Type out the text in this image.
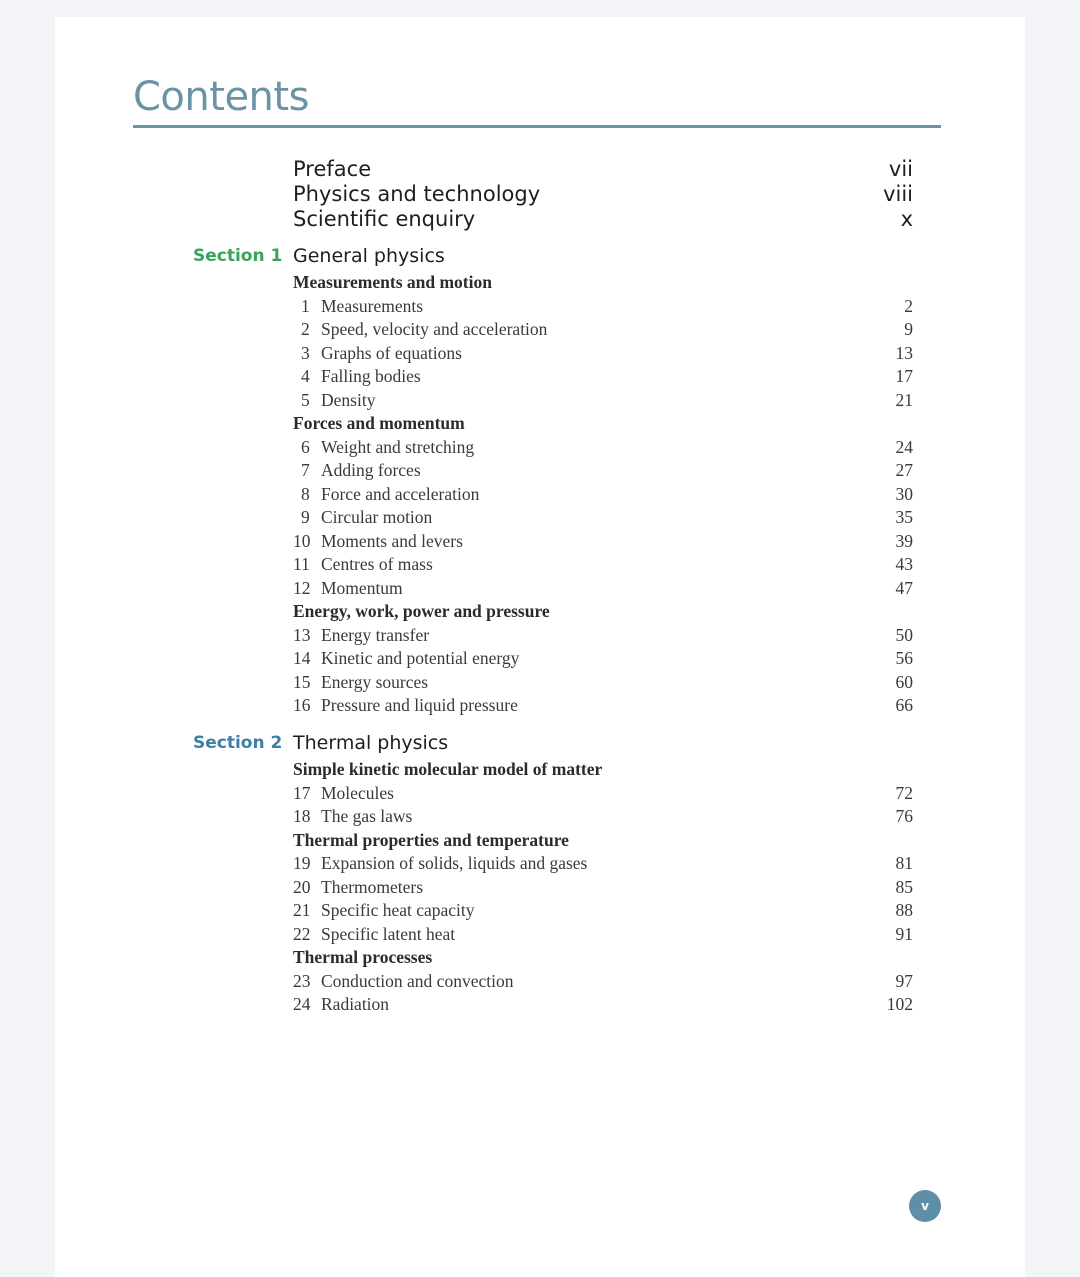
Contents
Preface	vii
Physics and technology	viii
Scientific enquiry	x
Section 1 General physics
Measurements and motion
1 Measurements	2
2 Speed, velocity and acceleration	9
3 Graphs of equations	13
4 Falling bodies	17
5 Density	21
Forces and momentum
6 Weight and stretching	24
7 Adding forces	27
8 Force and acceleration	30
9 Circular motion	35
10 Moments and levers	39
11 Centres of mass	43
12 Momentum	47
Energy, work, power and pressure
13 Energy transfer	50
14 Kinetic and potential energy	56
15 Energy sources	60
16 Pressure and liquid pressure	66
Section 2 Thermal physics
Simple kinetic molecular model of matter
17 Molecules	72
18 The gas laws	76
Thermal properties and temperature
19 Expansion of solids, liquids and gases	81
20 Thermometers	85
21 Specific heat capacity	88
22 Specific latent heat	91
Thermal processes
23 Conduction and convection	97
24 Radiation	102
v
